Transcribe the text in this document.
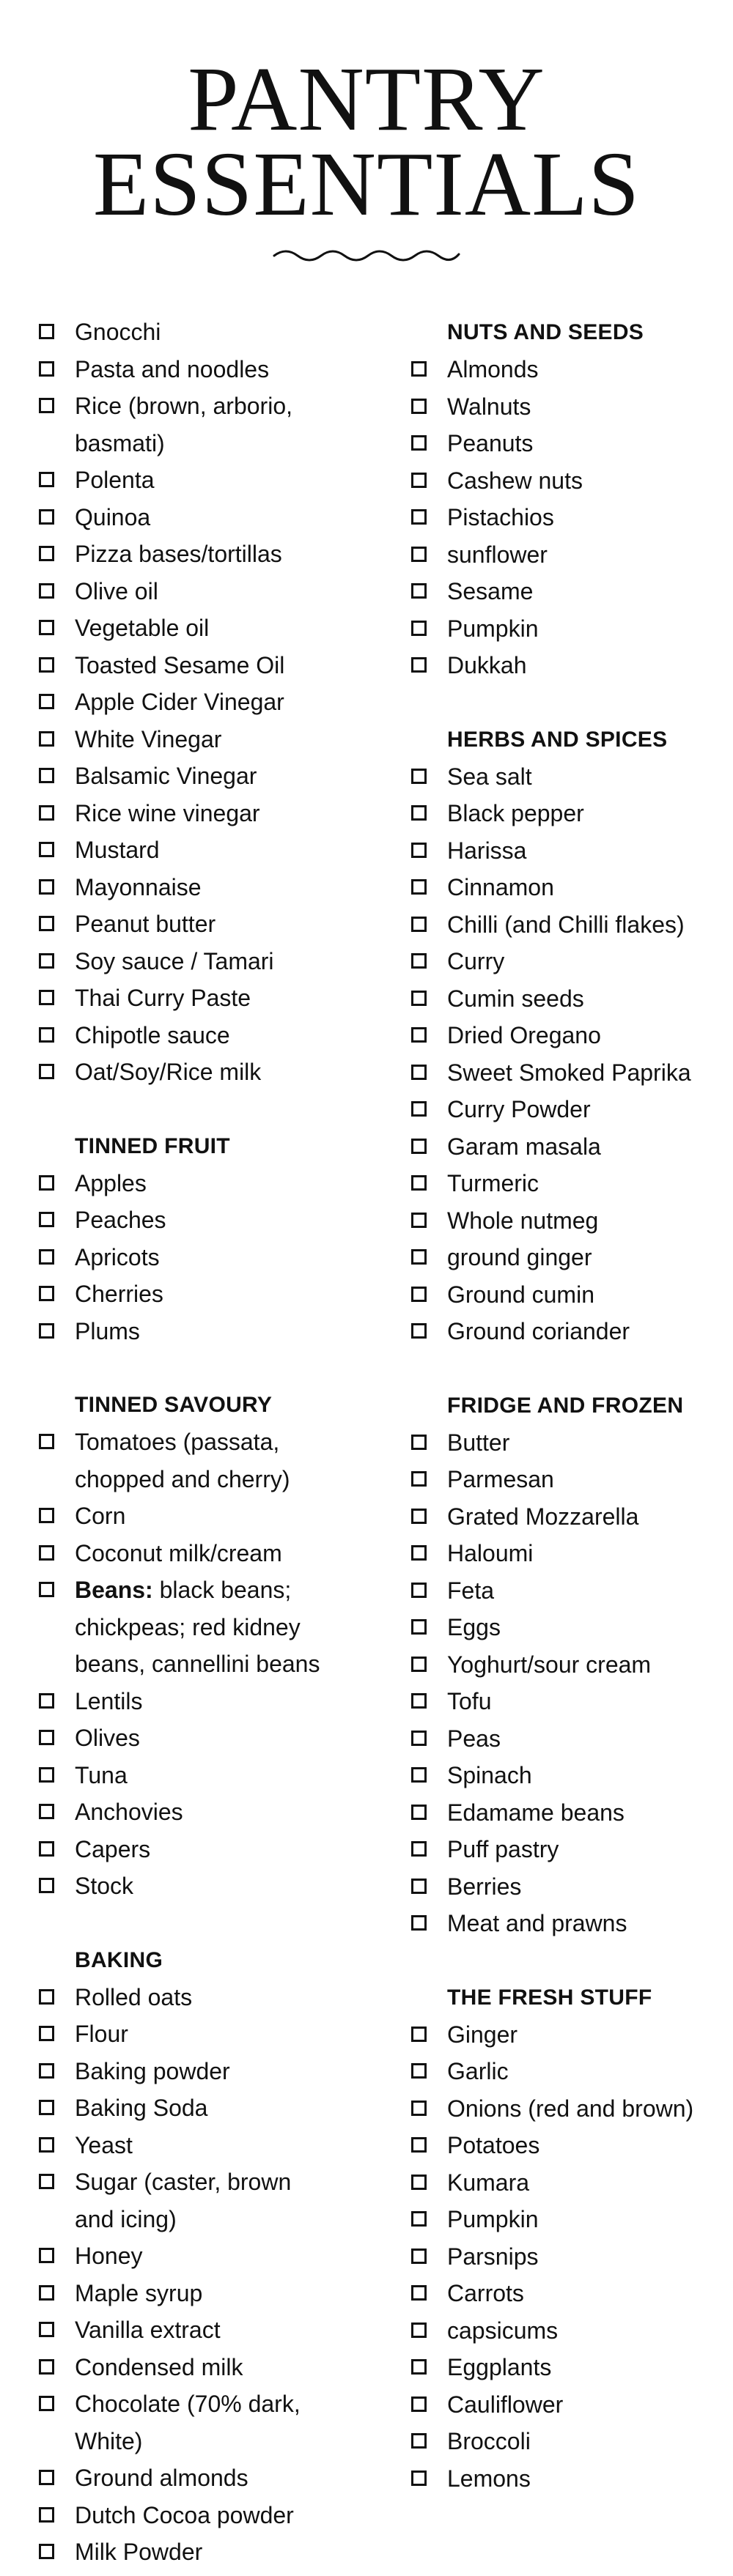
PANTRY
ESSENTIALS
Gnocchi
Pasta and noodles
Rice (brown, arborio,
basmati)
Polenta
Quinoa
Pizza bases/tortillas
Olive oil
Vegetable oil
Toasted Sesame Oil
Apple Cider Vinegar
White Vinegar
Balsamic Vinegar
Rice wine vinegar
Mustard
Mayonnaise
Peanut butter
Soy sauce / Tamari
Thai Curry Paste
Chipotle sauce
Oat/Soy/Rice milk
TINNED FRUIT
Apples
Peaches
Apricots
Cherries
Plums
TINNED SAVOURY
Tomatoes (passata,
chopped and cherry)
Corn
Coconut milk/cream
Beans: black beans;
chickpeas; red kidney
beans, cannellini beans
Lentils
Olives
Tuna
Anchovies
Capers
Stock
BAKING
Rolled oats
Flour
Baking powder
Baking Soda
Yeast
Sugar (caster, brown
and icing)
Honey
Maple syrup
Vanilla extract
Condensed milk
Chocolate (70% dark,
White)
Ground almonds
Dutch Cocoa powder
Milk Powder
NUTS AND SEEDS
Almonds
Walnuts
Peanuts
Cashew nuts
Pistachios
sunflower
Sesame
Pumpkin
Dukkah
HERBS AND SPICES
Sea salt
Black pepper
Harissa
Cinnamon
Chilli (and Chilli flakes)
Curry
Cumin seeds
Dried Oregano
Sweet Smoked Paprika
Curry Powder
Garam masala
Turmeric
Whole nutmeg
ground ginger
Ground cumin
Ground coriander
FRIDGE AND FROZEN
Butter
Parmesan
Grated Mozzarella
Haloumi
Feta
Eggs
Yoghurt/sour cream
Tofu
Peas
Spinach
Edamame beans
Puff pastry
Berries
Meat and prawns
THE FRESH STUFF
Ginger
Garlic
Onions (red and brown)
Potatoes
Kumara
Pumpkin
Parsnips
Carrots
capsicums
Eggplants
Cauliflower
Broccoli
Lemons
